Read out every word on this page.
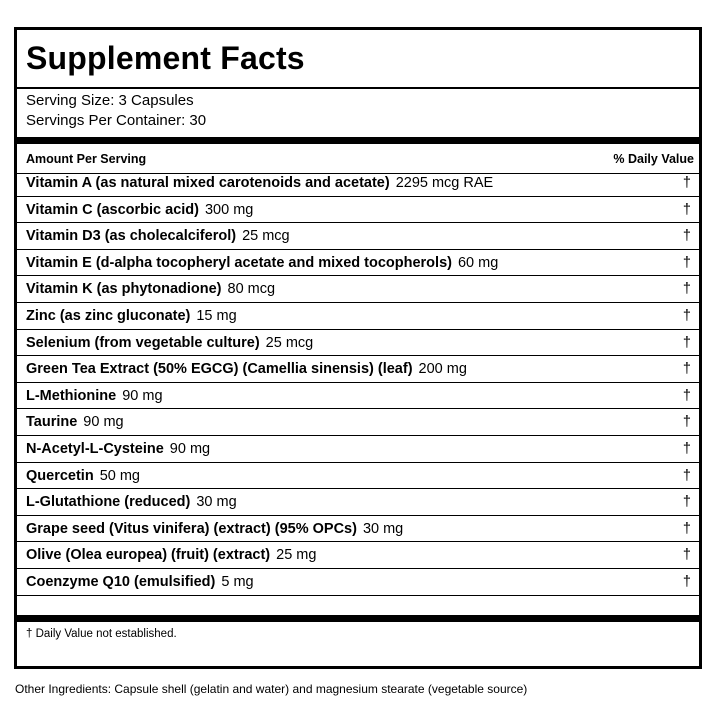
Supplement Facts
Serving Size: 3 Capsules
Servings Per Container: 30
Amount Per Serving	% Daily Value
Vitamin A (as natural mixed carotenoids and acetate) 2295 mcg RAE	†
Vitamin C (ascorbic acid) 300 mg	†
Vitamin D3 (as cholecalciferol) 25 mcg	†
Vitamin E (d-alpha tocopheryl acetate and mixed tocopherols) 60 mg	†
Vitamin K (as phytonadione) 80 mcg	†
Zinc (as zinc gluconate) 15 mg	†
Selenium (from vegetable culture) 25 mcg	†
Green Tea Extract (50% EGCG) (Camellia sinensis) (leaf) 200 mg	†
L-Methionine 90 mg	†
Taurine 90 mg	†
N-Acetyl-L-Cysteine 90 mg	†
Quercetin 50 mg	†
L-Glutathione (reduced) 30 mg	†
Grape seed (Vitus vinifera) (extract) (95% OPCs) 30 mg	†
Olive (Olea europea) (fruit) (extract) 25 mg	†
Coenzyme Q10 (emulsified) 5 mg	†
† Daily Value not established.
Other Ingredients: Capsule shell (gelatin and water) and magnesium stearate (vegetable source)
